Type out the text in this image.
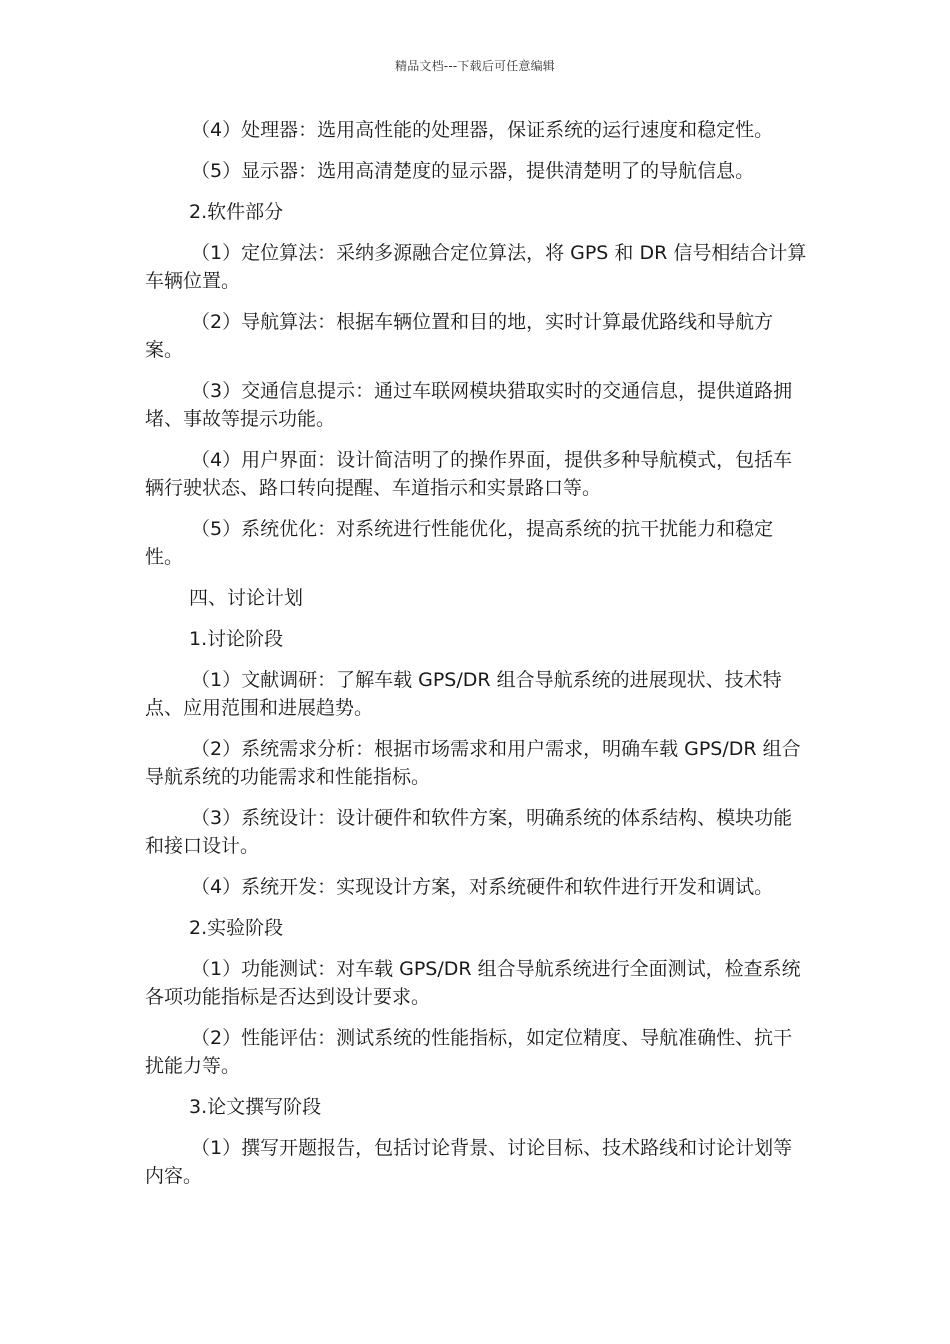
精品文档---下载后可任意编辑

（4）处理器：选用高性能的处理器，保证系统的运行速度和稳定性。

（5）显示器：选用高清楚度的显示器，提供清楚明了的导航信息。

2.软件部分

（1）定位算法：采纳多源融合定位算法，将 GPS 和 DR 信号相结合计算车辆位置。

（2）导航算法：根据车辆位置和目的地，实时计算最优路线和导航方案。

（3）交通信息提示：通过车联网模块猎取实时的交通信息，提供道路拥堵、事故等提示功能。

（4）用户界面：设计简洁明了的操作界面，提供多种导航模式，包括车辆行驶状态、路口转向提醒、车道指示和实景路口等。

（5）系统优化：对系统进行性能优化，提高系统的抗干扰能力和稳定性。

四、讨论计划

1.讨论阶段

（1）文献调研：了解车载 GPS/DR 组合导航系统的进展现状、技术特点、应用范围和进展趋势。

（2）系统需求分析：根据市场需求和用户需求，明确车载 GPS/DR 组合导航系统的功能需求和性能指标。

（3）系统设计：设计硬件和软件方案，明确系统的体系结构、模块功能和接口设计。

（4）系统开发：实现设计方案，对系统硬件和软件进行开发和调试。

2.实验阶段

（1）功能测试：对车载 GPS/DR 组合导航系统进行全面测试，检查系统各项功能指标是否达到设计要求。

（2）性能评估：测试系统的性能指标，如定位精度、导航准确性、抗干扰能力等。

3.论文撰写阶段

（1）撰写开题报告，包括讨论背景、讨论目标、技术路线和讨论计划等内容。
